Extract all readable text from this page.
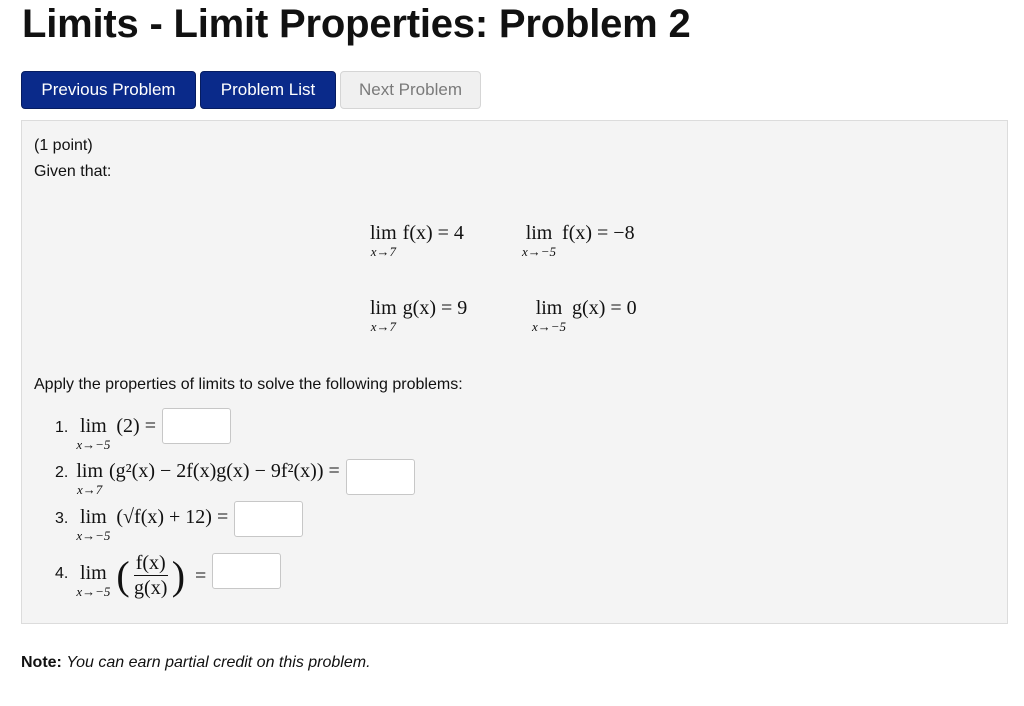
Limits - Limit Properties: Problem 2
Previous Problem	Problem List	Next Problem
(1 point)
Given that:
lim
x→7
f(x) = 4	lim
x→−5
f(x) = −8
lim
x→7
g(x) = 9	lim
x→−5
g(x) = 0
Apply the properties of limits to solve the following problems:
1. lim
x→−5
(2) =
2. lim
x→7
(g²(x) − 2f(x)g(x) − 9f²(x)) =
3. lim
x→−5
(√f(x) + 12) =
4. lim
x→−5 ( $\frac{f(x)}{g(x)}$ ) =
Note: You can earn partial credit on this problem.
